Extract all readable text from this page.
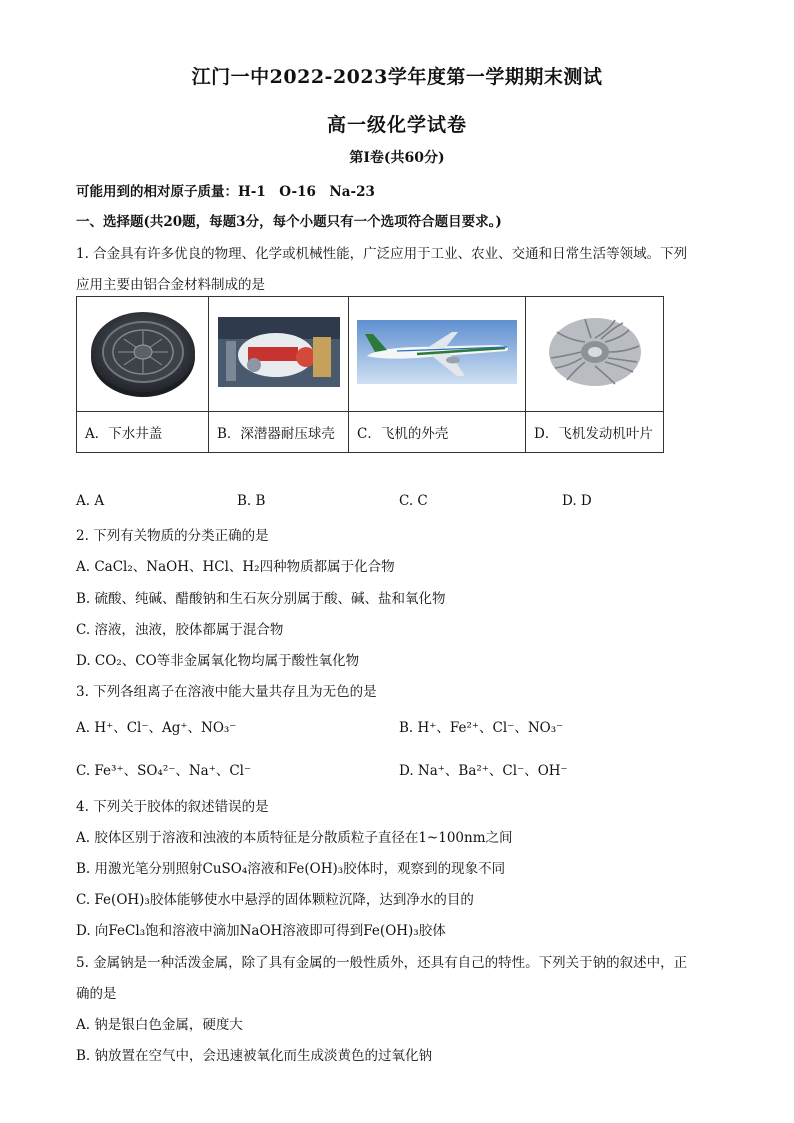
江门一中2022-2023学年度第一学期期末测试
高一级化学试卷
第I卷(共60分)
可能用到的相对原子质量：H-1　O-16　Na-23
一、选择题(共20题，每题3分，每个小题只有一个选项符合题目要求。)
1. 合金具有许多优良的物理、化学或机械性能，广泛应用于工业、农业、交通和日常生活等领域。下列
应用主要由铝合金材料制成的是

A．下水井盖	B．深潜器耐压球壳	C．飞机的外壳	D．飞机发动机叶片
A. A	B. B	C. C	D. D
2. 下列有关物质的分类正确的是
A. CaCl₂、NaOH、HCl、H₂四种物质都属于化合物
B. 硫酸、纯碱、醋酸钠和生石灰分别属于酸、碱、盐和氧化物
C. 溶液，浊液，胶体都属于混合物
D. CO₂、CO等非金属氧化物均属于酸性氧化物
3. 下列各组离子在溶液中能大量共存且为无色的是
A. H⁺、Cl⁻、Ag⁺、NO₃⁻	B. H⁺、Fe²⁺、Cl⁻、NO₃⁻
C. Fe³⁺、SO₄²⁻、Na⁺、Cl⁻	D. Na⁺、Ba²⁺、Cl⁻、OH⁻
4. 下列关于胶体的叙述错误的是
A. 胶体区别于溶液和浊液的本质特征是分散质粒子直径在1~100nm之间
B. 用激光笔分别照射CuSO₄溶液和Fe(OH)₃胶体时，观察到的现象不同
C. Fe(OH)₃胶体能够使水中悬浮的固体颗粒沉降，达到净水的目的
D. 向FeCl₃饱和溶液中滴加NaOH溶液即可得到Fe(OH)₃胶体
5. 金属钠是一种活泼金属，除了具有金属的一般性质外，还具有自己的特性。下列关于钠的叙述中，正
确的是
A. 钠是银白色金属，硬度大
B. 钠放置在空气中，会迅速被氧化而生成淡黄色的过氧化钠
